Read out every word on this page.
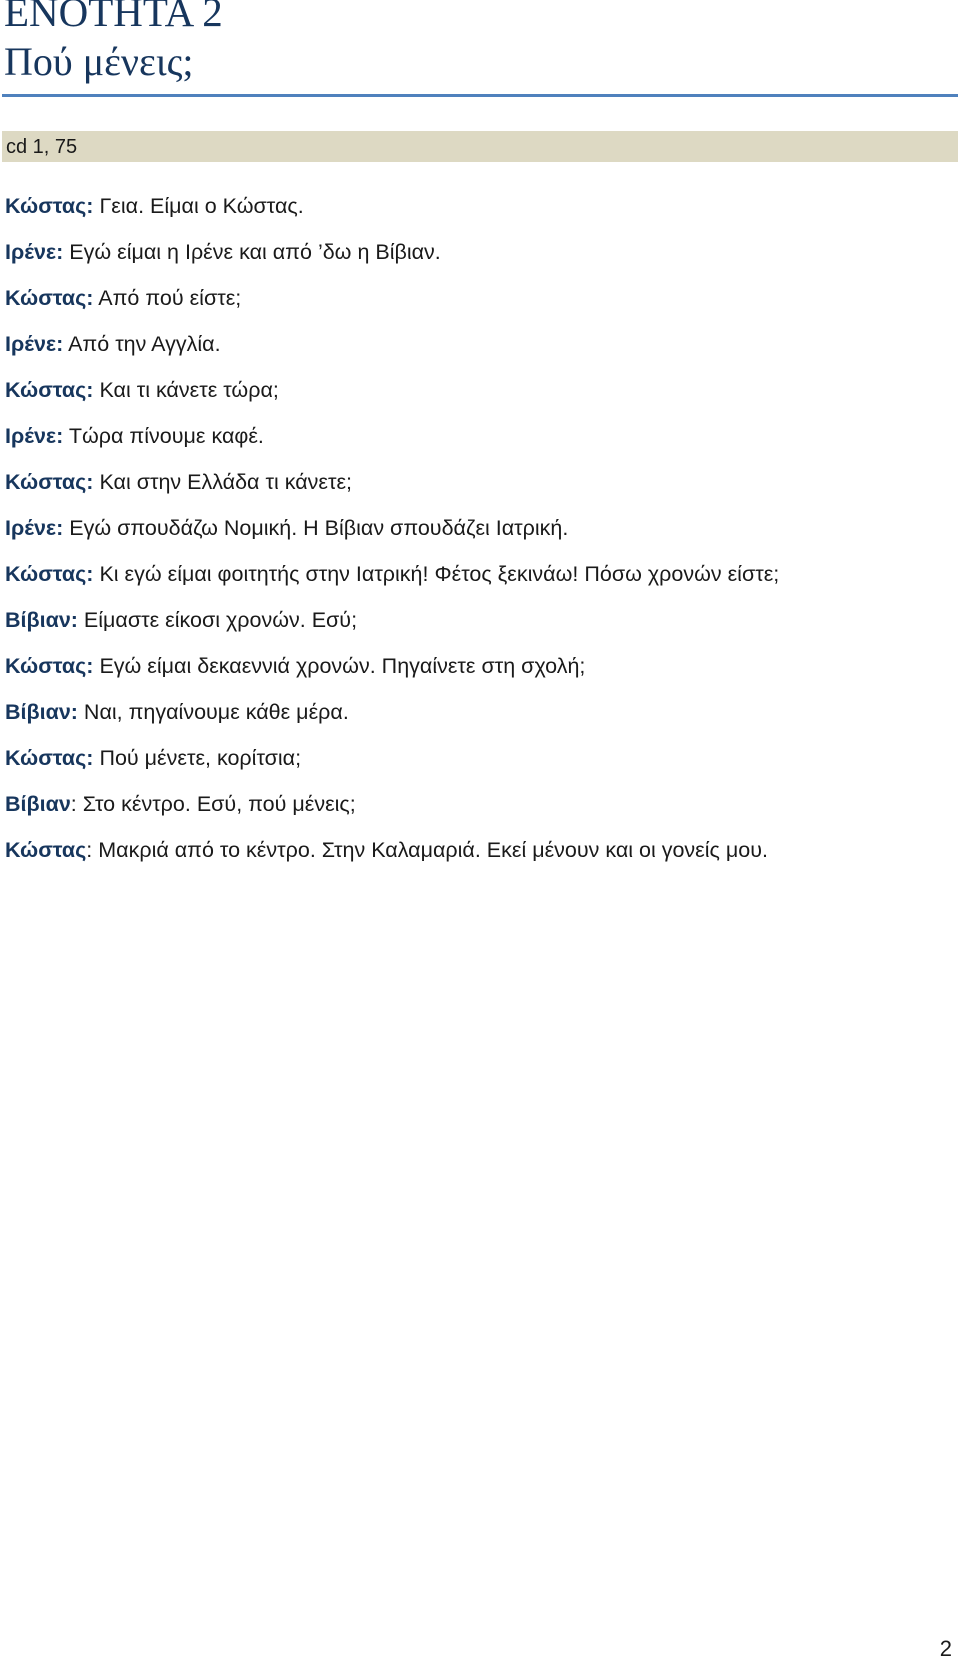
ΕΝΟΤΗΤΑ 2
Πού μένεις;
cd 1, 75
Κώστας: Γεια. Είμαι ο Κώστας.
Ιρένε: Εγώ είμαι η Ιρένε και από ’δω η Βίβιαν.
Κώστας: Από πού είστε;
Ιρένε: Από την Αγγλία.
Κώστας: Και τι κάνετε τώρα;
Ιρένε: Τώρα πίνουμε καφέ.
Κώστας: Και στην Ελλάδα τι κάνετε;
Ιρένε: Εγώ σπουδάζω Νομική. Η Βίβιαν σπουδάζει Ιατρική.
Κώστας: Κι εγώ είμαι φοιτητής στην Ιατρική! Φέτος ξεκινάω! Πόσω χρονών είστε;
Βίβιαν: Είμαστε είκοσι χρονών. Εσύ;
Κώστας: Εγώ είμαι δεκαεννιά χρονών. Πηγαίνετε στη σχολή;
Βίβιαν: Ναι, πηγαίνουμε κάθε μέρα.
Κώστας: Πού μένετε, κορίτσια;
Βίβιαν: Στο κέντρο. Εσύ, πού μένεις;
Κώστας: Μακριά από το κέντρο. Στην Καλαμαριά. Εκεί μένουν και οι γονείς μου.
2
